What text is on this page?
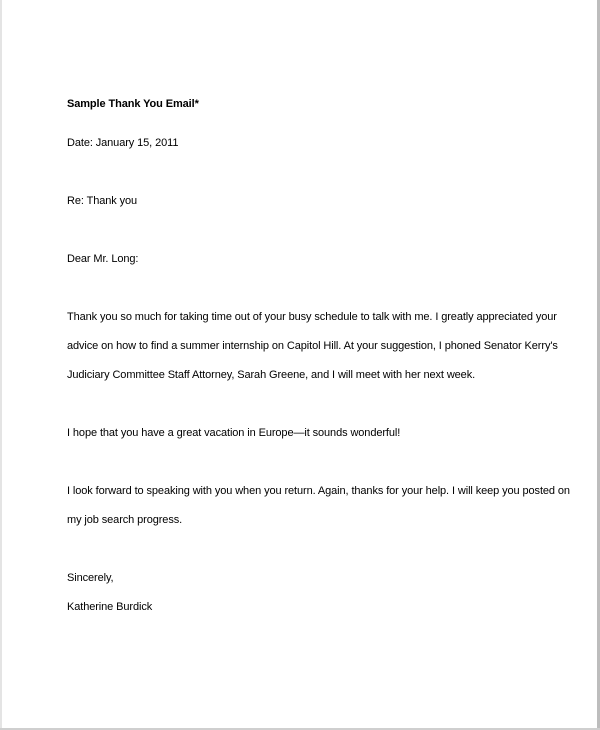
Sample Thank You Email*

Date: January 15, 2011

Re: Thank you

Dear Mr. Long:

Thank you so much for taking time out of your busy schedule to talk with me. I greatly appreciated your

advice on how to find a summer internship on Capitol Hill. At your suggestion, I phoned Senator Kerry's

Judiciary Committee Staff Attorney, Sarah Greene, and I will meet with her next week.

I hope that you have a great vacation in Europe—it sounds wonderful!

I look forward to speaking with you when you return. Again, thanks for your help. I will keep you posted on

my job search progress.

Sincerely,

Katherine Burdick
